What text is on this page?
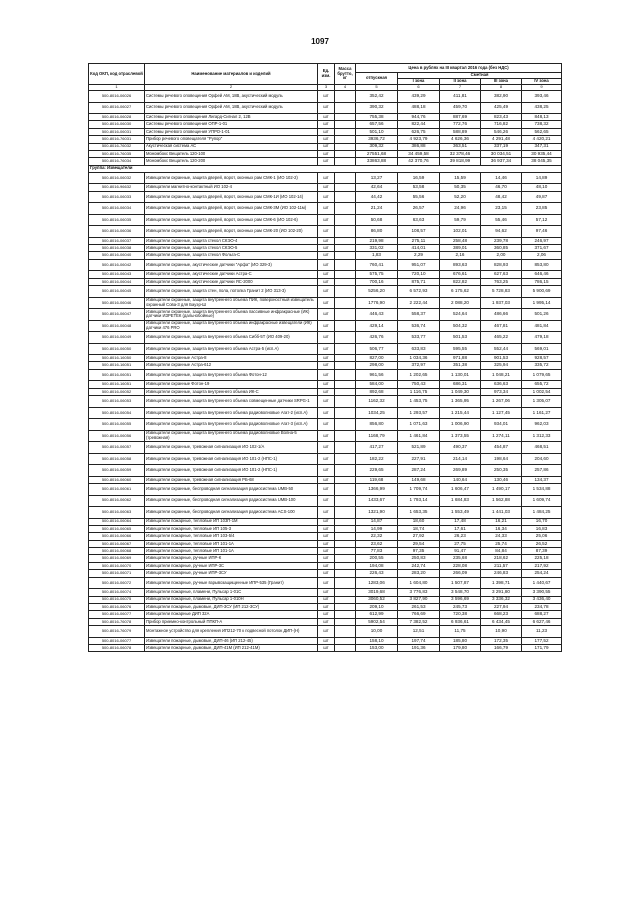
1097
Код ОКП, код отраслевой	Наименование материалов и изделий	Ед. изм.	Масса брутто, кг	Цена в рублях на III квартал 2016 года (без НДС)				
				отпускная	Сметная			
					I зона	II зона	III зона	IV зона
1	2	3	4	5	6	7	8	9
500-8016-06026	Системы речевого оповещения Орфей АМ, 18В, акустический модуль	шт		352,42	439,29	411,81	382,90	393,46
500-8016-06027	Системы речевого оповещения Орфей АМ, 18В, акустический модуль	шт		390,32	488,18	459,70	425,49	438,25
500-8016-06028	Системы речевого оповещения Лигард-Сигнал 2, 12В	шт		755,38	944,76	887,69	823,43	848,13
500-8016-06030	Системы речевого оповещения ОПР-1-01	шт		657,56	822,44	772,76	716,82	738,32
500-8016-06031	Системы речевого оповещения УПРО-1-01	шт		501,10	626,75	588,89	546,26	562,65
500-8016-76031	Прибор речевого оповещателя "Рупор"	шт		3936,72	4 923,79	4 626,36	4 291,48	4 420,21
500-8016-76032	Акустическая система АС	шт		309,32	386,88	363,51	337,19	347,31
500-8016-76035	Мономбокс Вещатель 120-100	шт		27551,68	34 459,58	32 378,46	30 034,51	30 935,44
500-8016-76034	Мономбокс Вещатель 120-200	шт		33863,88	42 370,76	39 818,99	36 937,34	38 045,35
Группа: Извещатели								
500-8016-06032	Извещатели охранные, защита дверей, ворот, оконных рам СМК-1 (ИО 102-2)	шт		13,27	16,59	15,59	14,46	14,89
500-8016-96632	Извещатели магнитно-контактный ИО 102-4	шт		42,64	53,58	50,35	46,70	48,10
500-8016-06033	Извещатели охранные, защита дверей, ворот, оконных рам СМК-1И (ИО 102-14)	шт		44,42	55,56	52,20	48,42	49,87
500-8016-06034	Извещатели охранные, защита дверей, ворот, оконных рам СМК-3М (ИО 102-11м)	шт		21,24	26,57	24,96	23,15	23,85
500-8016-06035	Извещатели охранные, защита дверей, ворот, оконных рам СМК-6 (ИО 102-6)	шт		50,68	63,63	59,79	55,46	57,12
500-8016-06036	Извещатели охранные, защита дверей, ворот, оконных рам СМК-20 (ИО 102-20)	шт		86,80	108,57	102,01	94,62	97,46
500-8016-06037	Извещатели охранные, защита стекол СКЭО-4	шт		219,98	275,11	258,48	239,78	246,97
500-8016-06038	Извещатели охранные, защита стекол СКЭО-5	шт		331,02	414,01	389,01	360,85	371,67
500-8016-06040	Извещатели охранные, защита стекол Фольга-С	шт		1,83	2,29	2,16	2,00	2,06
500-8016-06042	Извещатели охранные, акустические датчики "Арфа" (ИО 329-3)	шт		760,41	951,07	893,63	828,93	853,80
500-8016-06043	Извещатели охранные, акустические датчики Астра-С	шт		575,75	720,10	676,61	627,63	646,46
500-8016-06044	Извещатели охранные, акустические датчики ЯС-2000	шт		700,16	875,71	822,82	763,25	786,15
500-8016-06045	Извещатели охранные, защита стен, пола, потолка Гранит 2 (ИО 313-3)	шт		5256,20	6 572,93	6 175,62	5 728,83	5 900,69
500-8016-06046	Извещатели охранные, защита внутреннего объема ПИК, поверхностный извещатель охранный Сова-3 для Бауэр-Ш	шт		1776,90	2 222,44	2 088,20	1 937,03	1 995,14
500-8016-06047	Извещатели охранные, защита внутреннего объема пассивные инфракрасные (ИК) датчики ИЗРЕТЕК (дальнобойные)	шт		446,43	558,37	524,64	486,66	501,26
500-8016-06048	Извещатели охранные, защита внутреннего объема инфракрасные извещатели (ИК) датчики 476 PRO	шт		429,14	536,74	504,32	467,81	481,84
500-8016-06049	Извещатели охранные, защита внутреннего объема Сибб-5Т (ИО 409-20)	шт		426,76	533,77	501,53	465,22	479,18
500-8016-06050	Извещатели охранные, защита внутреннего объема Астра-5 (исп.А)	шт		506,77	633,83	595,55	552,44	569,01
500-8016-16050	Извещатели охранные Астра-8	шт		827,00	1 034,36	971,88	901,53	928,57
500-8016-16051	Извещатели охранные Астра-612	шт		298,00	372,97	351,38	325,94	335,72
500-8016-06051	Извещатели охранные, защита внутреннего объема Фотон-12	шт		961,56	1 202,65	1 130,01	1 048,21	1 079,65
500-8016-16051	Извещатели охранные Фотон-19	шт		584,00	750,43	686,31	636,63	655,72
500-8016-06052	Извещатели охранные, защита внутреннего объема ИК-С	шт		892,68	1 116,75	1 049,30	973,34	1 002,54
500-8016-06053	Извещатели охранные, защита внутреннего объема совмещенные датчики SRPG-1	шт		1162,32	1 453,75	1 365,95	1 267,06	1 305,07
500-8016-06054	Извещатели охранные, защита внутреннего объема радиоволновые Агат-2 (исп.А)	шт		1034,25	1 293,57	1 215,44	1 127,45	1 161,27
500-8016-06055	Извещатели охранные, защита внутреннего объема радиоволновые Агат-3 (исп.А)	шт		856,80	1 071,63	1 006,90	934,01	962,03
500-8016-06056	Извещатели охранные, защита внутреннего объема радиоволновые Волна-5 (тревожная)	шт		1168,79	1 461,84	1 373,55	1 274,11	1 312,33
500-8016-06057	Извещатели охранные, тревожная сигнализация ИО 102-1/А	шт		417,27	521,89	490,37	454,87	468,51
500-8016-06058	Извещатели охранные, тревожная сигнализация ИО 101-2 (НПС-1)	шт		182,22	227,91	214,14	198,64	204,60
500-8016-06059	Извещатели охранные, тревожная сигнализация ИО 101-2 (НПС-1)	шт		229,65	287,24	269,89	250,35	257,86
500-8016-06060	Извещатели охранные, тревожная сигнализация РБ-68	шт		119,68	149,68	140,64	130,46	134,37
500-8016-06061	Извещатели охранные, беспроводная сигнализация радиосистема UMB-50	шт		1366,99	1 709,74	1 606,47	1 490,17	1 534,88
500-8016-06062	Извещатели охранные, беспроводная сигнализация радиосистема UMB-100	шт		1433,67	1 793,14	1 684,83	1 562,88	1 609,74
500-8016-06063	Извещатели охранные, беспроводная сигнализация радиосистема ACS-100	шт		1321,90	1 653,35	1 553,49	1 441,03	1 484,25
500-8016-06064	Извещатели пожарные, тепловые ИП 103П-1М	шт		14,87	18,60	17,48	16,21	16,70
500-8016-06065	Извещатели пожарные, тепловые ИП 105-3	шт		14,99	18,74	17,61	16,34	16,83
500-8016-06066	Извещатели пожарные, тепловые ИП 103-5/4	шт		22,32	27,92	26,23	24,33	25,06
500-8016-06067	Извещатели пожарные, тепловые ИП 101-1А	шт		23,62	29,54	27,75	25,74	26,52
500-8016-06068	Извещатели пожарные, тепловые ИП 101-1А	шт		77,83	97,35	91,47	84,84	87,39
500-8016-06069	Извещатели пожарные, ручные ИПР-К	шт		200,55	250,83	235,68	218,62	225,18
500-8016-06070	Извещатели пожарные, ручные ИПР-3С	шт		194,08	242,74	228,08	211,57	217,92
500-8016-06071	Извещатели пожарные, ручные ИПР-3СУ	шт		226,43	283,20	266,09	246,83	254,24
500-8016-06072	Извещатели пожарные, ручные взрывозащищенные ИПР-535 (Гранит)	шт		1283,06	1 604,80	1 507,87	1 398,71	1 440,67
500-8016-06074	Извещатели пожарные, пламени, Пульсар 1-01С	шт		3019,68	3 776,83	3 548,70	3 291,80	3 390,55
500-8016-06075	Извещатели пожарные, пламени, Пульсар 1-010Н	шт		3060,52	3 827,90	3 596,69	3 336,32	3 436,40
500-8016-06076	Извещатели пожарные, дымовые, ДИП-3СУ (ИП 212-3СУ)	шт		209,10	261,53	245,73	227,94	234,78
500-8016-06077	Извещатели пожарные ДИП 32А	шт		612,99	766,69	720,38	668,23	688,27
500-8016-76078	Прибор приемно-контрольный ППКП-А	шт		5902,54	7 382,52	6 936,61	6 434,45	6 627,46
500-8016-76079	Монтажное устройство для крепления ИП212-70 к подвесной потолок ДИП-(Н)	шт		10,00	12,51	11,75	10,90	11,23
500-8016-06077	Извещатели пожарные, дымовые, ДИП-46 (ИП 212-45)	шт		158,10	197,74	185,80	172,35	177,52
500-8016-06078	Извещатели пожарные, дымовые, ДИП-41М (ИП 212-41М)	шт		153,00	191,36	179,80	166,79	171,79
